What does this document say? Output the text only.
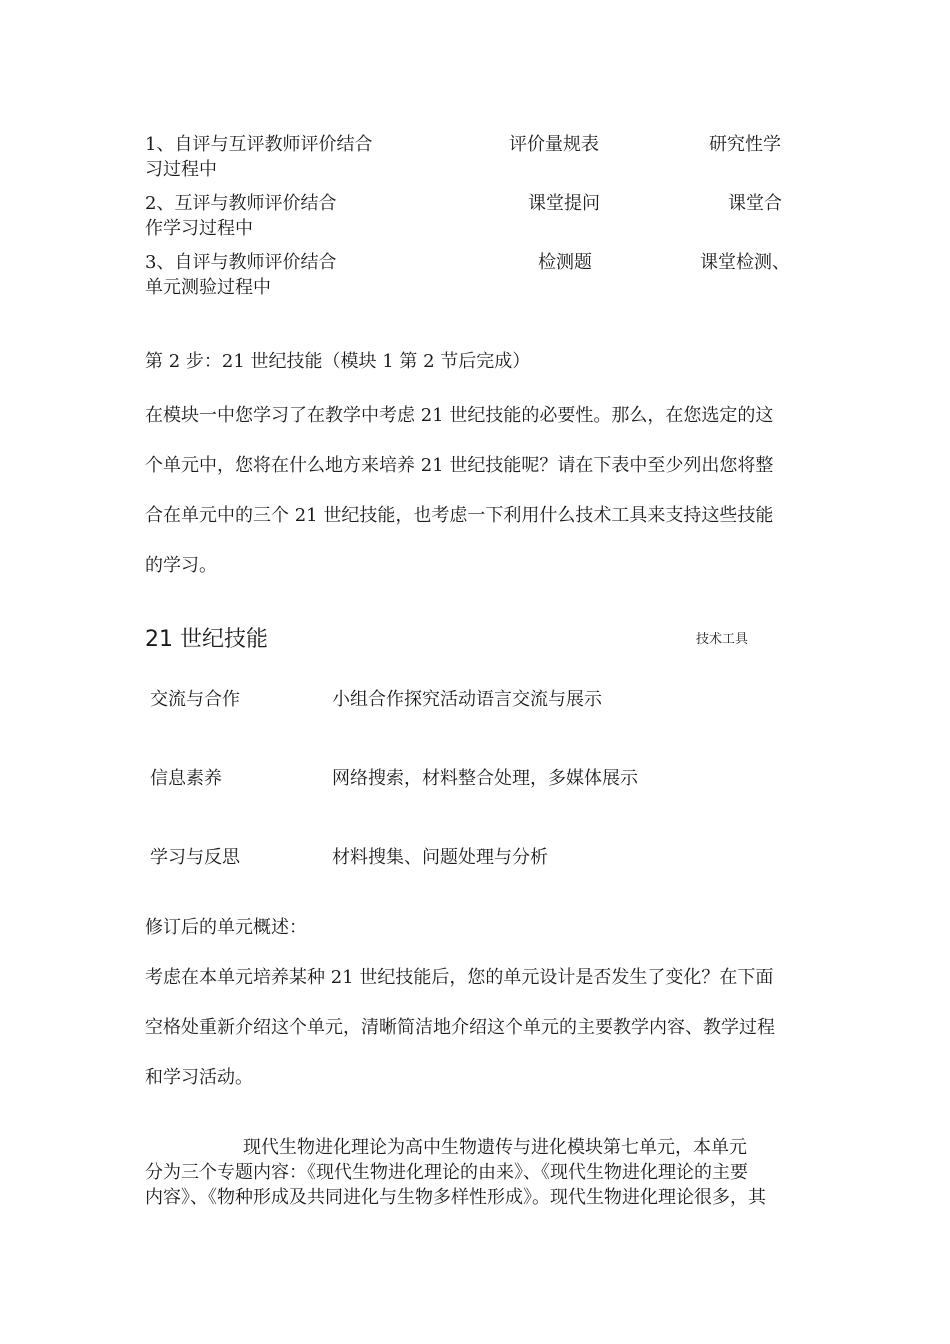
1、自评与互评教师评价结合	评价量规表	研究性学
习过程中
2、互评与教师评价结合	课堂提问	课堂合
作学习过程中
3、自评与教师评价结合	检测题	课堂检测、
单元测验过程中
第 2 步：21 世纪技能（模块 1 第 2 节后完成）
在模块一中您学习了在教学中考虑 21 世纪技能的必要性。那么，在您选定的这
个单元中，您将在什么地方来培养 21 世纪技能呢？请在下表中至少列出您将整
合在单元中的三个 21 世纪技能，也考虑一下利用什么技术工具来支持这些技能
的学习。
21 世纪技能	技术工具
交流与合作	小组合作探究活动语言交流与展示
信息素养	网络搜索，材料整合处理，多媒体展示
学习与反思	材料搜集、问题处理与分析
修订后的单元概述：
考虑在本单元培养某种 21 世纪技能后，您的单元设计是否发生了变化？在下面
空格处重新介绍这个单元，清晰简洁地介绍这个单元的主要教学内容、教学过程
和学习活动。
现代生物进化理论为高中生物遗传与进化模块第七单元，本单元
分为三个专题内容：《现代生物进化理论的由来》、《现代生物进化理论的主要
内容》、《物种形成及共同进化与生物多样性形成》。现代生物进化理论很多，其
